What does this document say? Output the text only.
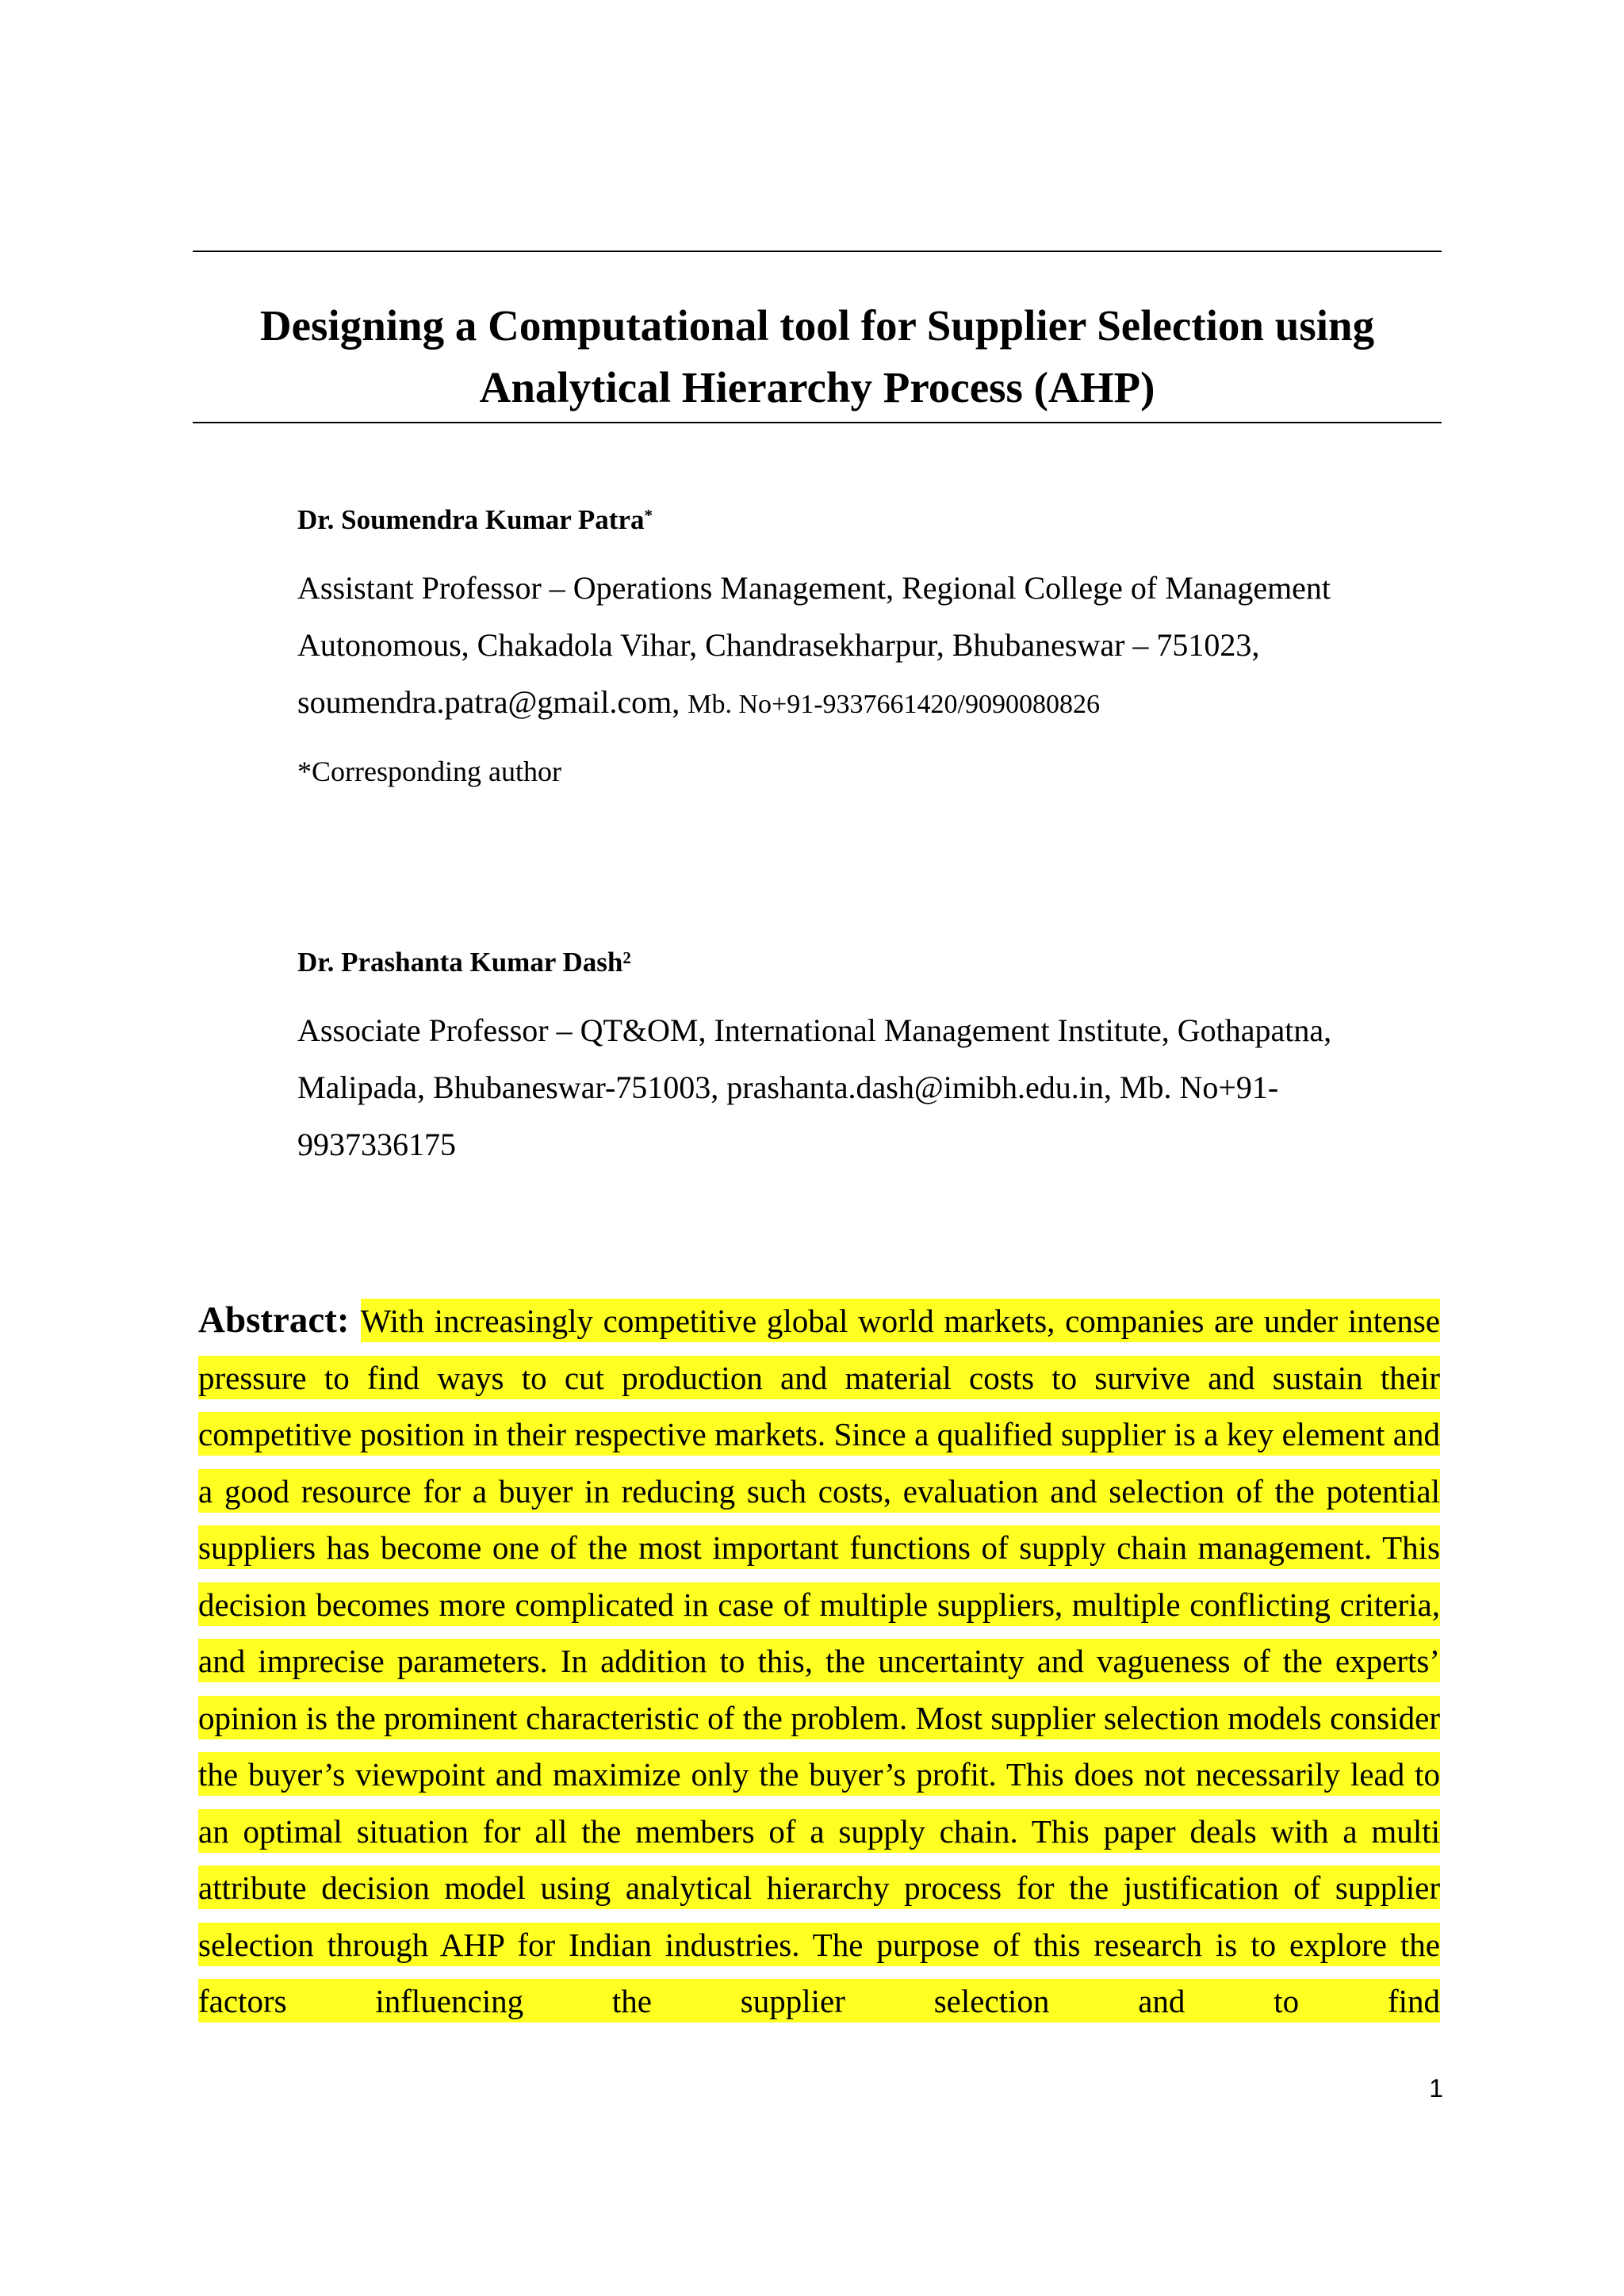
Designing a Computational tool for Supplier Selection using
Analytical Hierarchy Process (AHP)
Dr. Soumendra Kumar Patra*
Assistant Professor – Operations Management, Regional College of Management
Autonomous, Chakadola Vihar, Chandrasekharpur, Bhubaneswar – 751023,
soumendra.patra@gmail.com, Mb. No+91-9337661420/9090080826
*Corresponding author
Dr. Prashanta Kumar Dash$^2$
Associate Professor – QT&OM, International Management Institute, Gothapatna,
Malipada, Bhubaneswar-751003, prashanta.dash@imibh.edu.in, Mb. No+91-
9937336175
Abstract: With increasingly competitive global world markets, companies are under intense pressure to find ways to cut production and material costs to survive and sustain their competitive position in their respective markets. Since a qualified supplier is a key element and a good resource for a buyer in reducing such costs, evaluation and selection of the potential suppliers has become one of the most important functions of supply chain management. This decision becomes more complicated in case of multiple suppliers, multiple conflicting criteria, and imprecise parameters. In addition to this, the uncertainty and vagueness of the experts’ opinion is the prominent characteristic of the problem. Most supplier selection models consider the buyer’s viewpoint and maximize only the buyer’s profit. This does not necessarily lead to an optimal situation for all the members of a supply chain. This paper deals with a multi attribute decision model using analytical hierarchy process for the justification of supplier selection through AHP for Indian industries. The purpose of this research is to explore the factors influencing the supplier selection and to find
1
